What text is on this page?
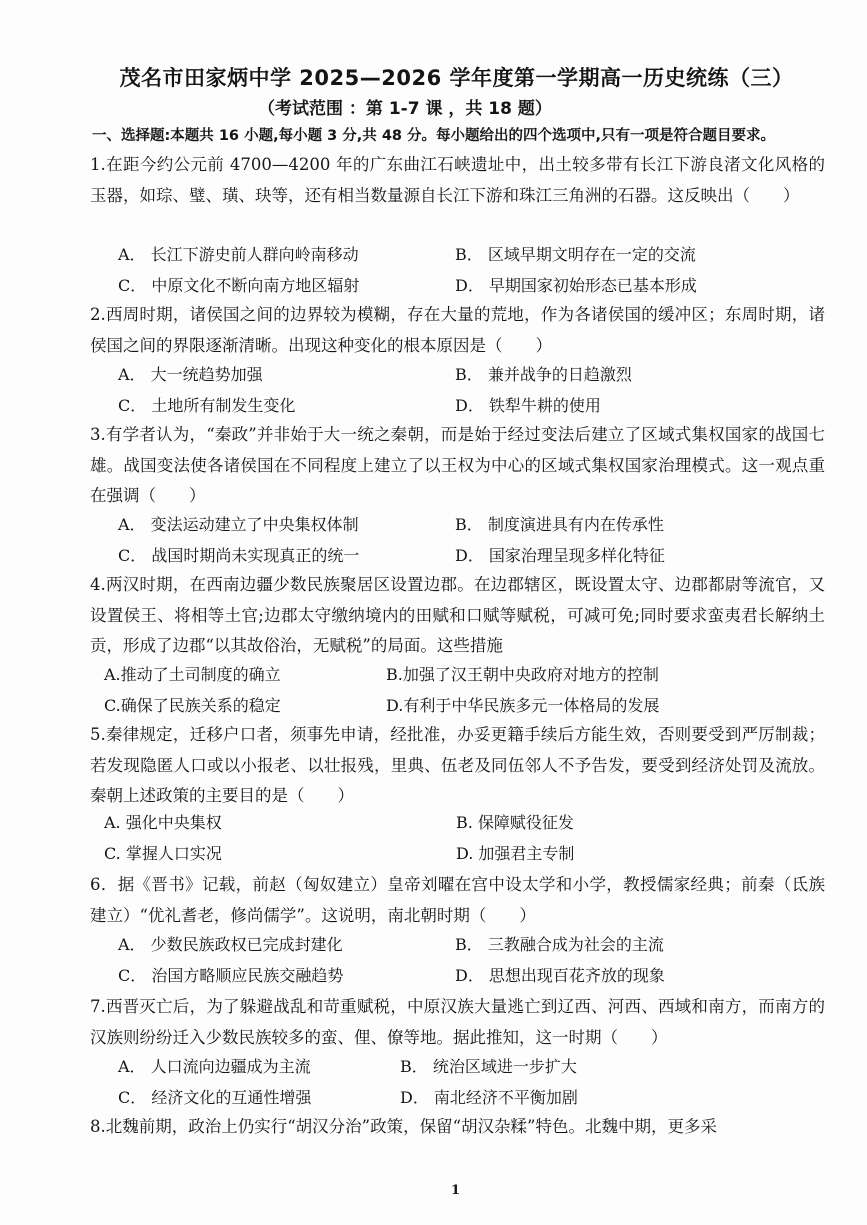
茂名市田家炳中学 2025—2026 学年度第一学期高一历史统练（三）
（考试范围 ：第 1-7 课 ，共 18 题）
一、选择题:本题共 16 小题,每小题 3 分,共 48 分。每小题给出的四个选项中,只有一项是符合题目要求。
1.在距今约公元前 4700—4200 年的广东曲江石峡遗址中，出土较多带有长江下游良渚文化风格的玉器，如琮、璧、璜、玦等，还有相当数量源自长江下游和珠江三角洲的石器。这反映出（　　）
A． 长江下游史前人群向岭南移动	B． 区域早期文明存在一定的交流
C． 中原文化不断向南方地区辐射	D． 早期国家初始形态已基本形成
2.西周时期，诸侯国之间的边界较为模糊，存在大量的荒地，作为各诸侯国的缓冲区；东周时期，诸侯国之间的界限逐渐清晰。出现这种变化的根本原因是（　　）
A． 大一统趋势加强	B． 兼并战争的日趋激烈
C． 土地所有制发生变化	D． 铁犁牛耕的使用
3.有学者认为，“秦政”并非始于大一统之秦朝，而是始于经过变法后建立了区域式集权国家的战国七雄。战国变法使各诸侯国在不同程度上建立了以王权为中心的区域式集权国家治理模式。这一观点重在强调（　　）
A． 变法运动建立了中央集权体制	B． 制度演进具有内在传承性
C． 战国时期尚未实现真正的统一	D． 国家治理呈现多样化特征
4.两汉时期，在西南边疆少数民族聚居区设置边郡。在边郡辖区，既设置太守、边郡都尉等流官，又设置侯王、将相等土官;边郡太守缴纳境内的田赋和口赋等赋税，可减可免;同时要求蛮夷君长解纳土贡，形成了边郡“以其故俗治，无赋税”的局面。这些措施
A.推动了土司制度的确立	B.加强了汉王朝中央政府对地方的控制
C.确保了民族关系的稳定	D.有利于中华民族多元一体格局的发展
5.秦律规定，迁移户口者，须事先申请，经批准，办妥更籍手续后方能生效，否则要受到严厉制裁；若发现隐匿人口或以小报老、以壮报残，里典、伍老及同伍邻人不予告发，要受到经济处罚及流放。秦朝上述政策的主要目的是（　　）
A. 强化中央集权	B. 保障赋役征发
C. 掌握人口实况	D. 加强君主专制
6．据《晋书》记载，前赵（匈奴建立）皇帝刘曜在宫中设太学和小学，教授儒家经典；前秦（氐族建立）“优礼耆老，修尚儒学”。这说明，南北朝时期（　　）
A． 少数民族政权已完成封建化	B． 三教融合成为社会的主流
C． 治国方略顺应民族交融趋势	D． 思想出现百花齐放的现象
7.西晋灭亡后，为了躲避战乱和苛重赋税，中原汉族大量逃亡到辽西、河西、西域和南方，而南方的汉族则纷纷迁入少数民族较多的蛮、俚、僚等地。据此推知，这一时期（　　）
A． 人口流向边疆成为主流	B． 统治区域进一步扩大
C． 经济文化的互通性增强	D． 南北经济不平衡加剧
8.北魏前期，政治上仍实行“胡汉分治”政策，保留“胡汉杂糅”特色。北魏中期，更多采
1
